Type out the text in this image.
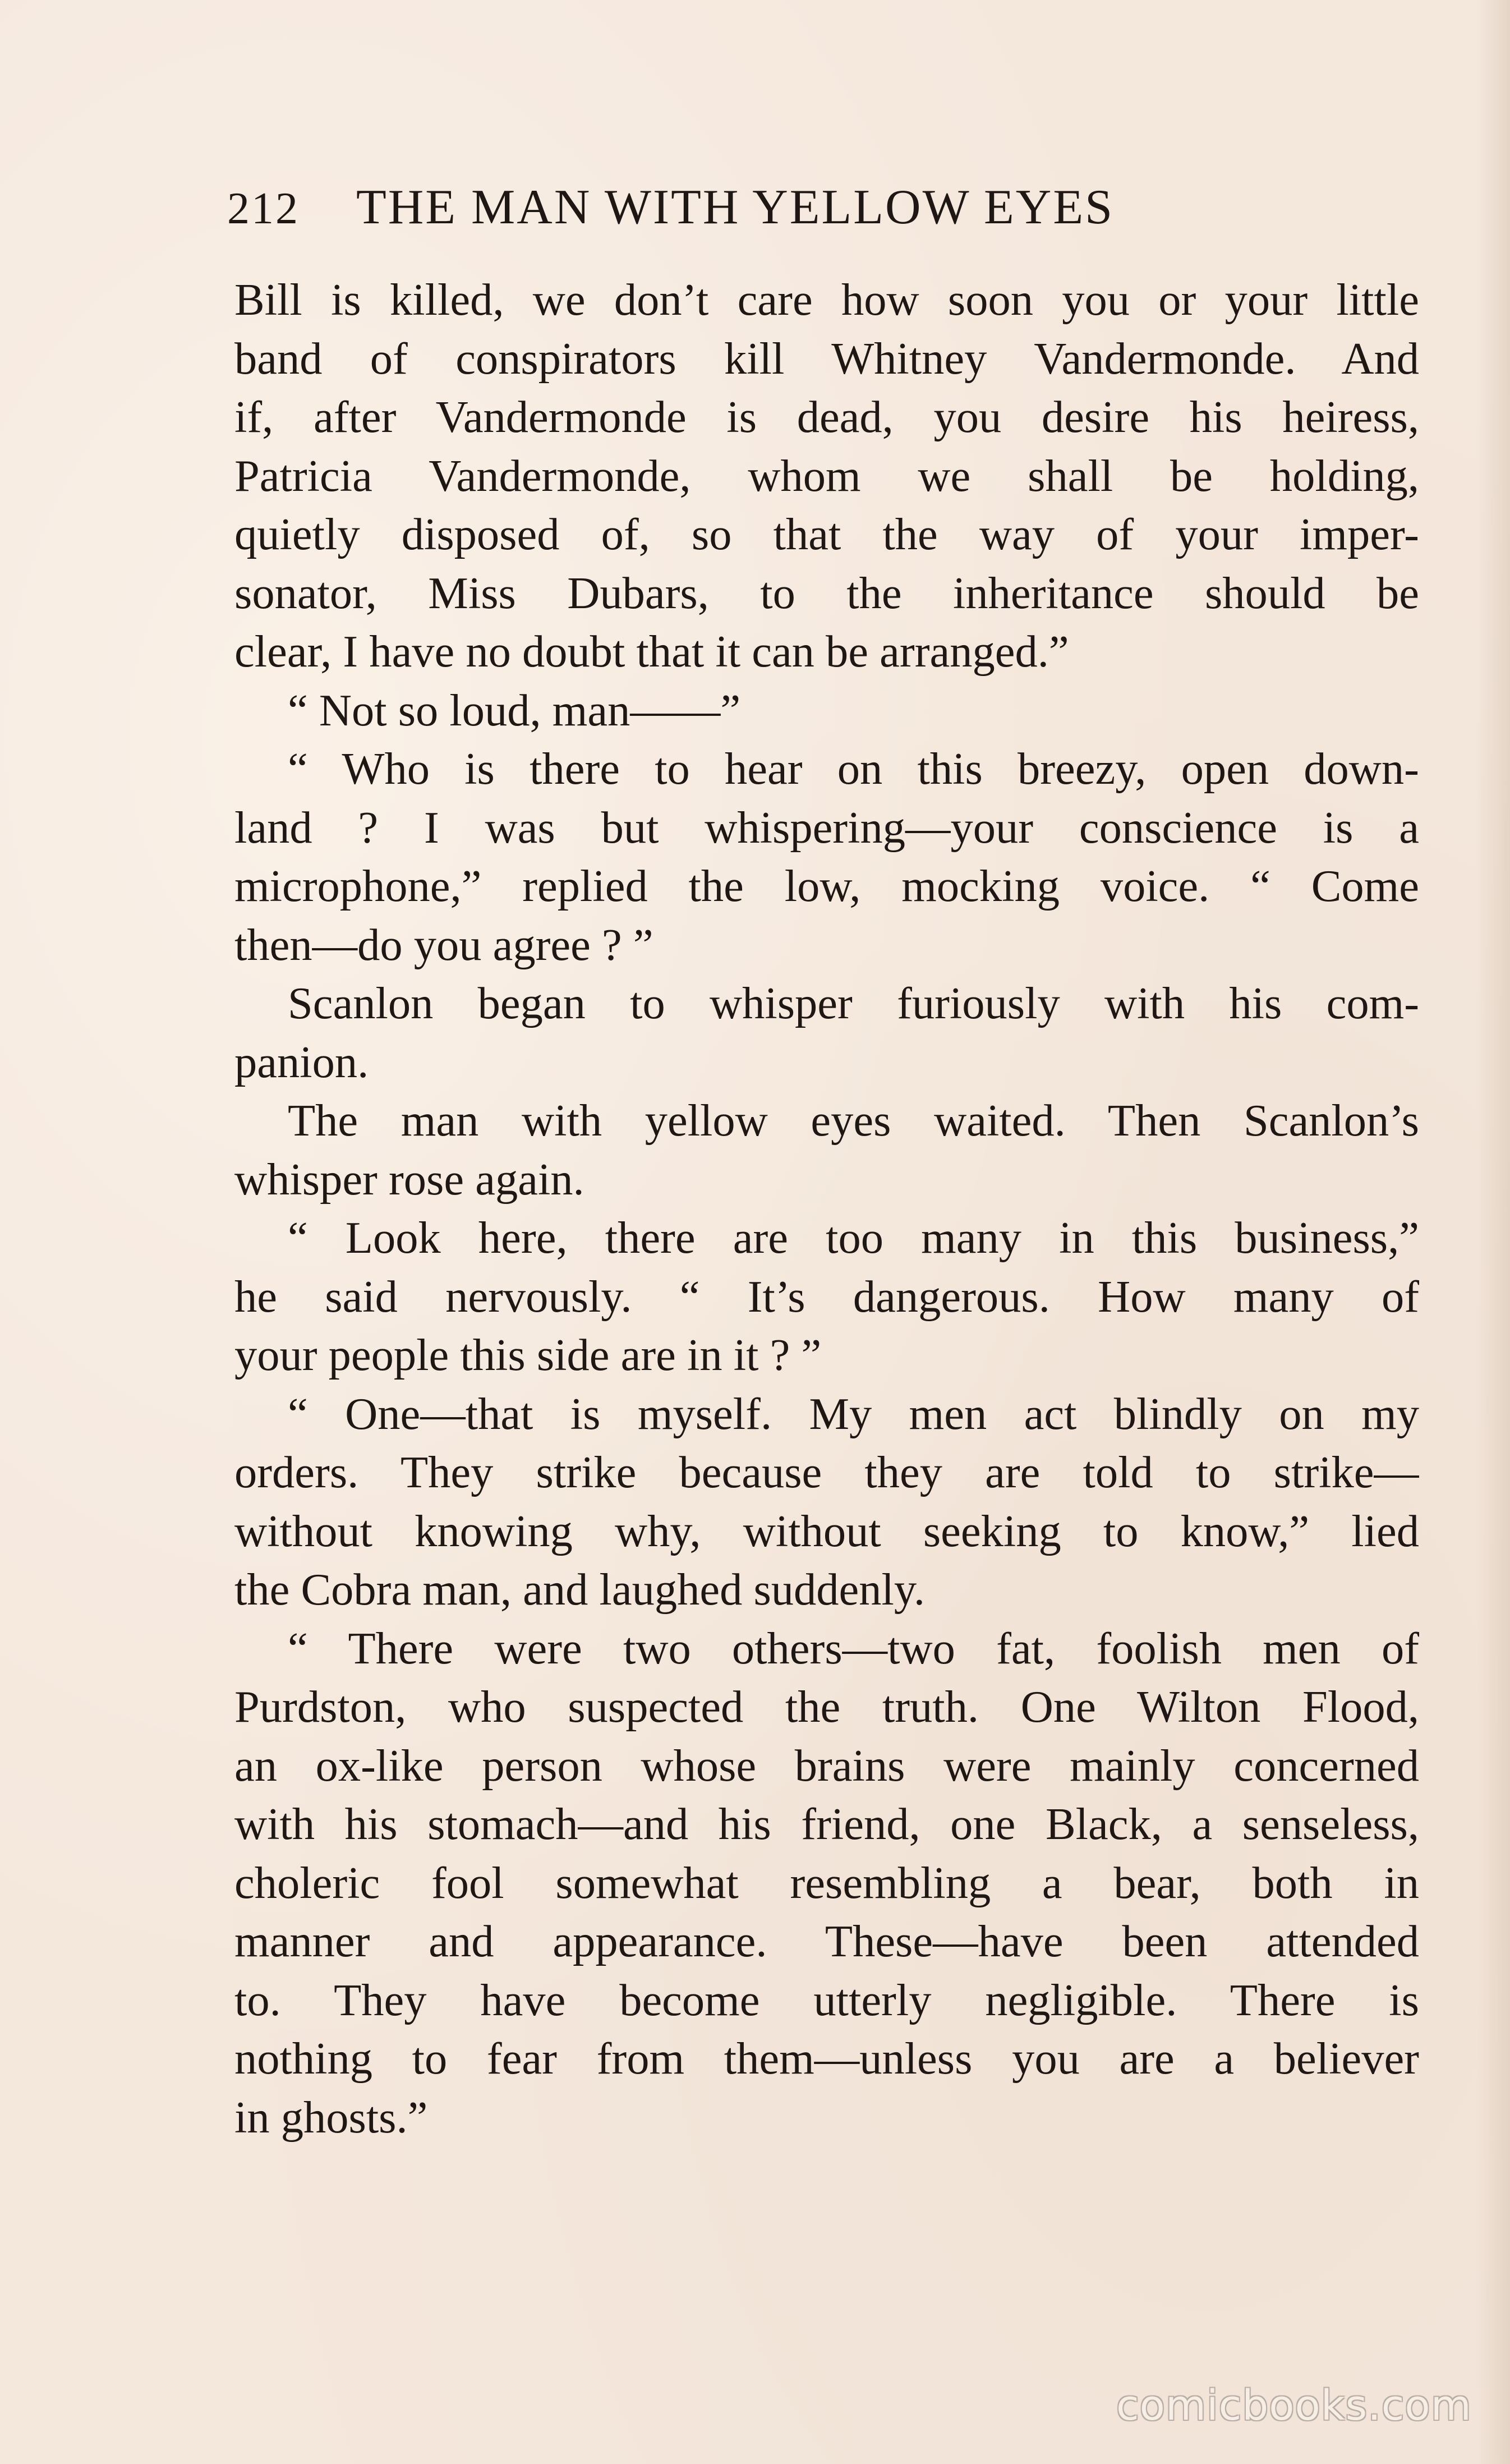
212 THE MAN WITH YELLOW EYES
Bill is killed, we don’t care how soon you or your little
band of conspirators kill Whitney Vandermonde. And
if, after Vandermonde is dead, you desire his heiress,
Patricia Vandermonde, whom we shall be holding,
quietly disposed of, so that the way of your imper-
sonator, Miss Dubars, to the inheritance should be
clear, I have no doubt that it can be arranged.”
“ Not so loud, man——”
“ Who is there to hear on this breezy, open down-
land ? I was but whispering—your conscience is a
microphone,” replied the low, mocking voice. “ Come
then—do you agree ? ”
Scanlon began to whisper furiously with his com-
panion.
The man with yellow eyes waited. Then Scanlon’s
whisper rose again.
“ Look here, there are too many in this business,”
he said nervously. “ It’s dangerous. How many of
your people this side are in it ? ”
“ One—that is myself. My men act blindly on my
orders. They strike because they are told to strike—
without knowing why, without seeking to know,” lied
the Cobra man, and laughed suddenly.
“ There were two others—two fat, foolish men of
Purdston, who suspected the truth. One Wilton Flood,
an ox-like person whose brains were mainly concerned
with his stomach—and his friend, one Black, a senseless,
choleric fool somewhat resembling a bear, both in
manner and appearance. These—have been attended
to. They have become utterly negligible. There is
nothing to fear from them—unless you are a believer
in ghosts.”
comicbooks.com
